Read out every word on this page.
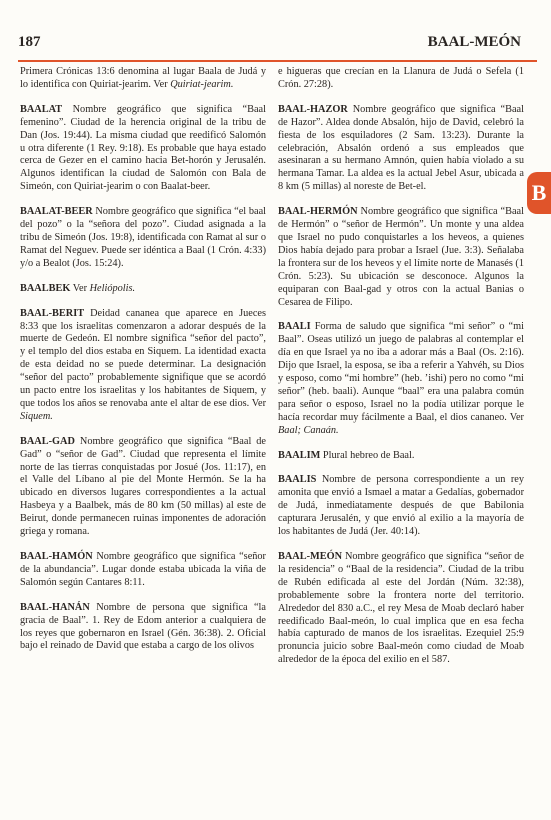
187	BAAL-MEÓN
B

Primera Crónicas 13:6 denomina al lugar Baala de Judá y lo identifica con Quiriat-jearim. Ver Quiriat-jearim.

BAALAT Nombre geográfico que significa “Baal femenino”. Ciudad de la herencia original de la tribu de Dan (Jos. 19:44). La misma ciudad que reedificó Salomón u otra diferente (1 Rey. 9:18). Es probable que haya estado cerca de Gezer en el camino hacia Bet-horón y Jerusalén. Algunos identifican la ciudad de Salomón con Bala de Simeón, con Quiriat-jearim o con Baalat-beer.

BAALAT-BEER Nombre geográfico que significa “el baal del pozo” o la “señora del pozo”. Ciudad asignada a la tribu de Simeón (Jos. 19:8), identificada con Ramat al sur o Ramat del Neguev. Puede ser idéntica a Baal (1 Crón. 4:33) y/o a Bealot (Jos. 15:24).

BAALBEK Ver Heliópolis.

BAAL-BERIT Deidad cananea que aparece en Jueces 8:33 que los israelitas comenzaron a adorar después de la muerte de Gedeón. El nombre significa “señor del pacto”, y el templo del dios estaba en Siquem. La identidad exacta de esta deidad no se puede determinar. La designación “señor del pacto” probablemente signifique que se acordó un pacto entre los israelitas y los habitantes de Siquem, y que todos los años se renovaba ante el altar de ese dios. Ver Siquem.

BAAL-GAD Nombre geográfico que significa “Baal de Gad” o “señor de Gad”. Ciudad que representa el límite norte de las tierras conquistadas por Josué (Jos. 11:17), en el Valle del Líbano al pie del Monte Hermón. Se la ha ubicado en diversos lugares correspondientes a la actual Hasbeya y a Baalbek, más de 80 km (50 millas) al este de Beirut, donde permanecen ruinas imponentes de adoración griega y romana.

BAAL-HAMÓN Nombre geográfico que significa “señor de la abundancia”. Lugar donde estaba ubicada la viña de Salomón según Cantares 8:11.

BAAL-HANÁN Nombre de persona que significa “la gracia de Baal”. 1. Rey de Edom anterior a cualquiera de los reyes que gobernaron en Israel (Gén. 36:38). 2. Oficial bajo el reinado de David que estaba a cargo de los olivos

e higueras que crecían en la Llanura de Judá o Sefela (1 Crón. 27:28).

BAAL-HAZOR Nombre geográfico que significa “Baal de Hazor”. Aldea donde Absalón, hijo de David, celebró la fiesta de los esquiladores (2 Sam. 13:23). Durante la celebración, Absalón ordenó a sus empleados que asesinaran a su hermano Amnón, quien había violado a su hermana Tamar. La aldea es la actual Jebel Asur, ubicada a 8 km (5 millas) al noreste de Bet-el.

BAAL-HERMÓN Nombre geográfico que significa “Baal de Hermón” o “señor de Hermón”. Un monte y una aldea que Israel no pudo conquistarles a los heveos, a quienes Dios había dejado para probar a Israel (Jue. 3:3). Señalaba la frontera sur de los heveos y el límite norte de Manasés (1 Crón. 5:23). Su ubicación se desconoce. Algunos la equiparan con Baal-gad y otros con la actual Banias o Cesarea de Filipo.

BAALI Forma de saludo que significa “mi señor” o “mi Baal”. Oseas utilizó un juego de palabras al contemplar el día en que Israel ya no iba a adorar más a Baal (Os. 2:16). Dijo que Israel, la esposa, se iba a referir a Yahvéh, su Dios y esposo, como “mi hombre” (heb. ’ishi) pero no como “mi señor” (heb. baali). Aunque “baal” era una palabra común para señor o esposo, Israel no la podía utilizar porque le hacía recordar muy fácilmente a Baal, el dios cananeo. Ver Baal; Canaán.

BAALIM Plural hebreo de Baal.

BAALIS Nombre de persona correspondiente a un rey amonita que envió a Ismael a matar a Gedalías, gobernador de Judá, inmediatamente después de que Babilonia capturara Jerusalén, y que envió al exilio a la mayoría de los habitantes de Judá (Jer. 40:14).

BAAL-MEÓN Nombre geográfico que significa “señor de la residencia” o “Baal de la residencia”. Ciudad de la tribu de Rubén edificada al este del Jordán (Núm. 32:38), probablemente sobre la frontera norte del territorio. Alrededor del 830 a.C., el rey Mesa de Moab declaró haber reedificado Baal-meón, lo cual implica que en esa fecha había capturado de manos de los israelitas. Ezequiel 25:9 pronuncia juicio sobre Baal-meón como ciudad de Moab alrededor de la época del exilio en el 587.
